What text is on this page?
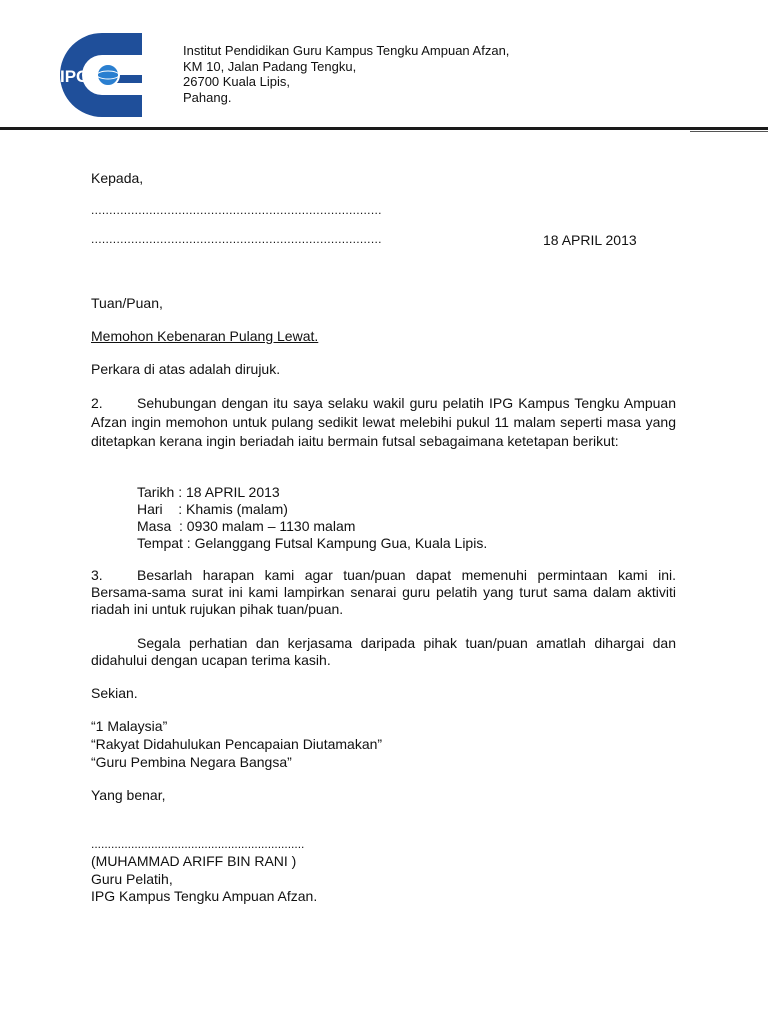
IPG
Institut Pendidikan Guru Kampus Tengku Ampuan Afzan,
KM 10, Jalan Padang Tengku,
26700 Kuala Lipis,
Pahang.
Kepada,
................................................................................
................................................................................	18 APRIL 2013
Tuan/Puan,
Memohon Kebenaran Pulang Lewat.
Perkara di atas adalah dirujuk.
2. Sehubungan dengan itu saya selaku wakil guru pelatih IPG Kampus Tengku Ampuan Afzan ingin memohon untuk pulang sedikit lewat melebihi pukul 11 malam seperti masa yang ditetapkan kerana ingin beriadah iaitu bermain futsal sebagaimana ketetapan berikut:
Tarikh : 18 APRIL 2013
Hari    : Khamis (malam)
Masa  : 0930 malam – 1130 malam
Tempat : Gelanggang Futsal Kampung Gua, Kuala Lipis.
3. Besarlah harapan kami agar tuan/puan dapat memenuhi permintaan kami ini. Bersama-sama surat ini kami lampirkan senarai guru pelatih yang turut sama dalam aktiviti riadah ini untuk rujukan pihak tuan/puan.
Segala perhatian dan kerjasama daripada pihak tuan/puan amatlah dihargai dan didahului dengan ucapan terima kasih.
Sekian.
“1 Malaysia”
“Rakyat Didahulukan Pencapaian Diutamakan”
“Guru Pembina Negara Bangsa”
Yang benar,
................................................................
(MUHAMMAD ARIFF BIN RANI )
Guru Pelatih,
IPG Kampus Tengku Ampuan Afzan.
